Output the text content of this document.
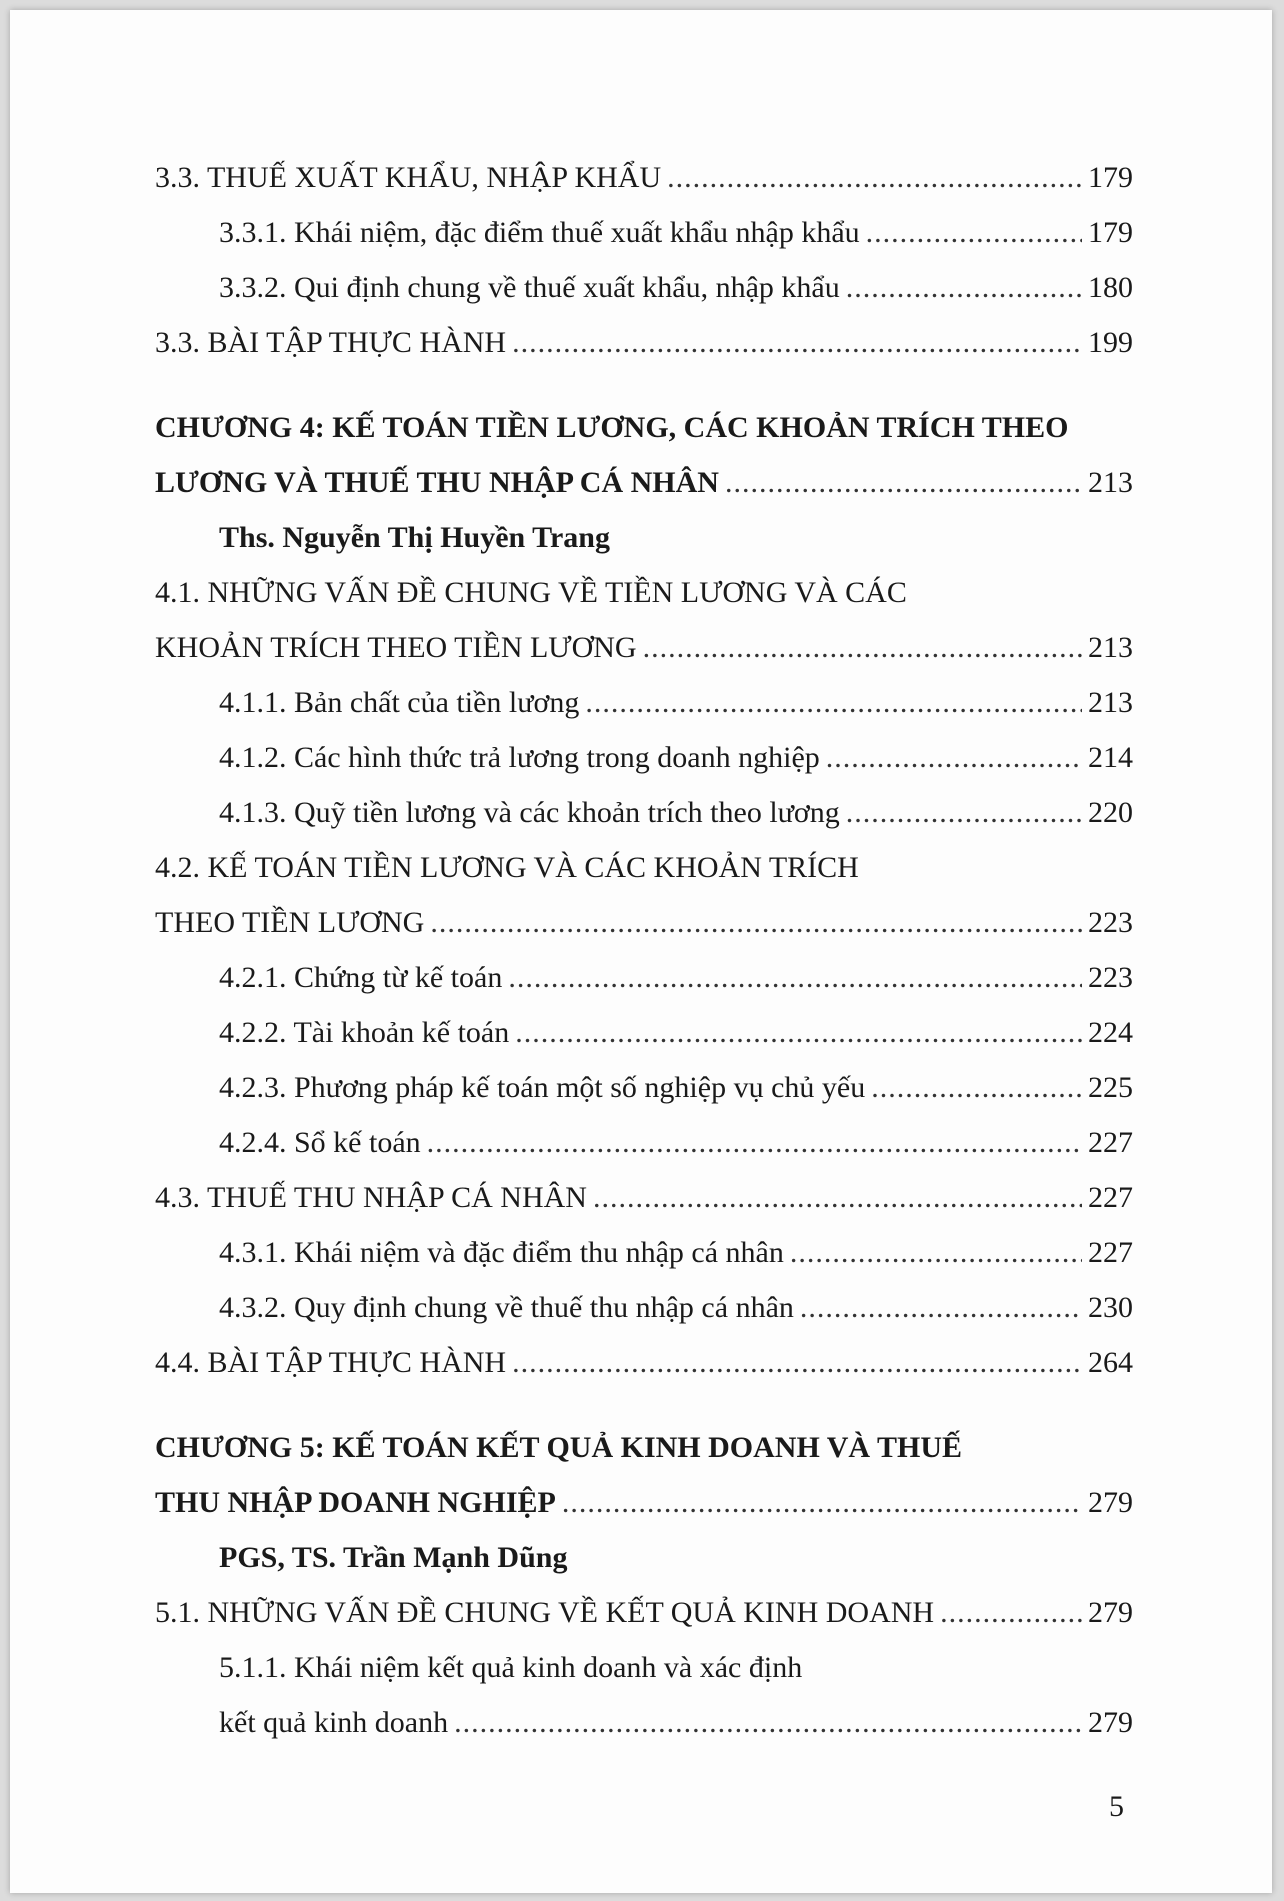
3.3. THUẾ XUẤT KHẨU, NHẬP KHẨU .....	179
3.3.1. Khái niệm, đặc điểm thuế xuất khẩu nhập khẩu .....	179
3.3.2. Qui định chung về thuế xuất khẩu, nhập khẩu .....	180
3.3. BÀI TẬP THỰC HÀNH .....	199
CHƯƠNG 4: KẾ TOÁN TIỀN LƯƠNG, CÁC KHOẢN TRÍCH THEO
LƯƠNG VÀ THUẾ THU NHẬP CÁ NHÂN .....	213
Ths. Nguyễn Thị Huyền Trang
4.1. NHỮNG VẤN ĐỀ CHUNG VỀ TIỀN LƯƠNG VÀ CÁC
KHOẢN TRÍCH THEO TIỀN LƯƠNG .....	213
4.1.1. Bản chất của tiền lương .....	213
4.1.2. Các hình thức trả lương trong doanh nghiệp .....	214
4.1.3. Quỹ tiền lương và các khoản trích theo lương .....	220
4.2. KẾ TOÁN TIỀN LƯƠNG VÀ CÁC KHOẢN TRÍCH
THEO TIỀN LƯƠNG .....	223
4.2.1. Chứng từ kế toán .....	223
4.2.2. Tài khoản kế toán .....	224
4.2.3. Phương pháp kế toán một số nghiệp vụ chủ yếu .....	225
4.2.4. Sổ kế toán .....	227
4.3. THUẾ THU NHẬP CÁ NHÂN .....	227
4.3.1. Khái niệm và đặc điểm thu nhập cá nhân .....	227
4.3.2. Quy định chung về thuế thu nhập cá nhân .....	230
4.4. BÀI TẬP THỰC HÀNH .....	264
CHƯƠNG 5: KẾ TOÁN KẾT QUẢ KINH DOANH VÀ THUẾ
THU NHẬP DOANH NGHIỆP .....	279
PGS, TS. Trần Mạnh Dũng
5.1. NHỮNG VẤN ĐỀ CHUNG VỀ KẾT QUẢ KINH DOANH .....	279
5.1.1. Khái niệm kết quả kinh doanh và xác định
kết quả kinh doanh .....	279
5
